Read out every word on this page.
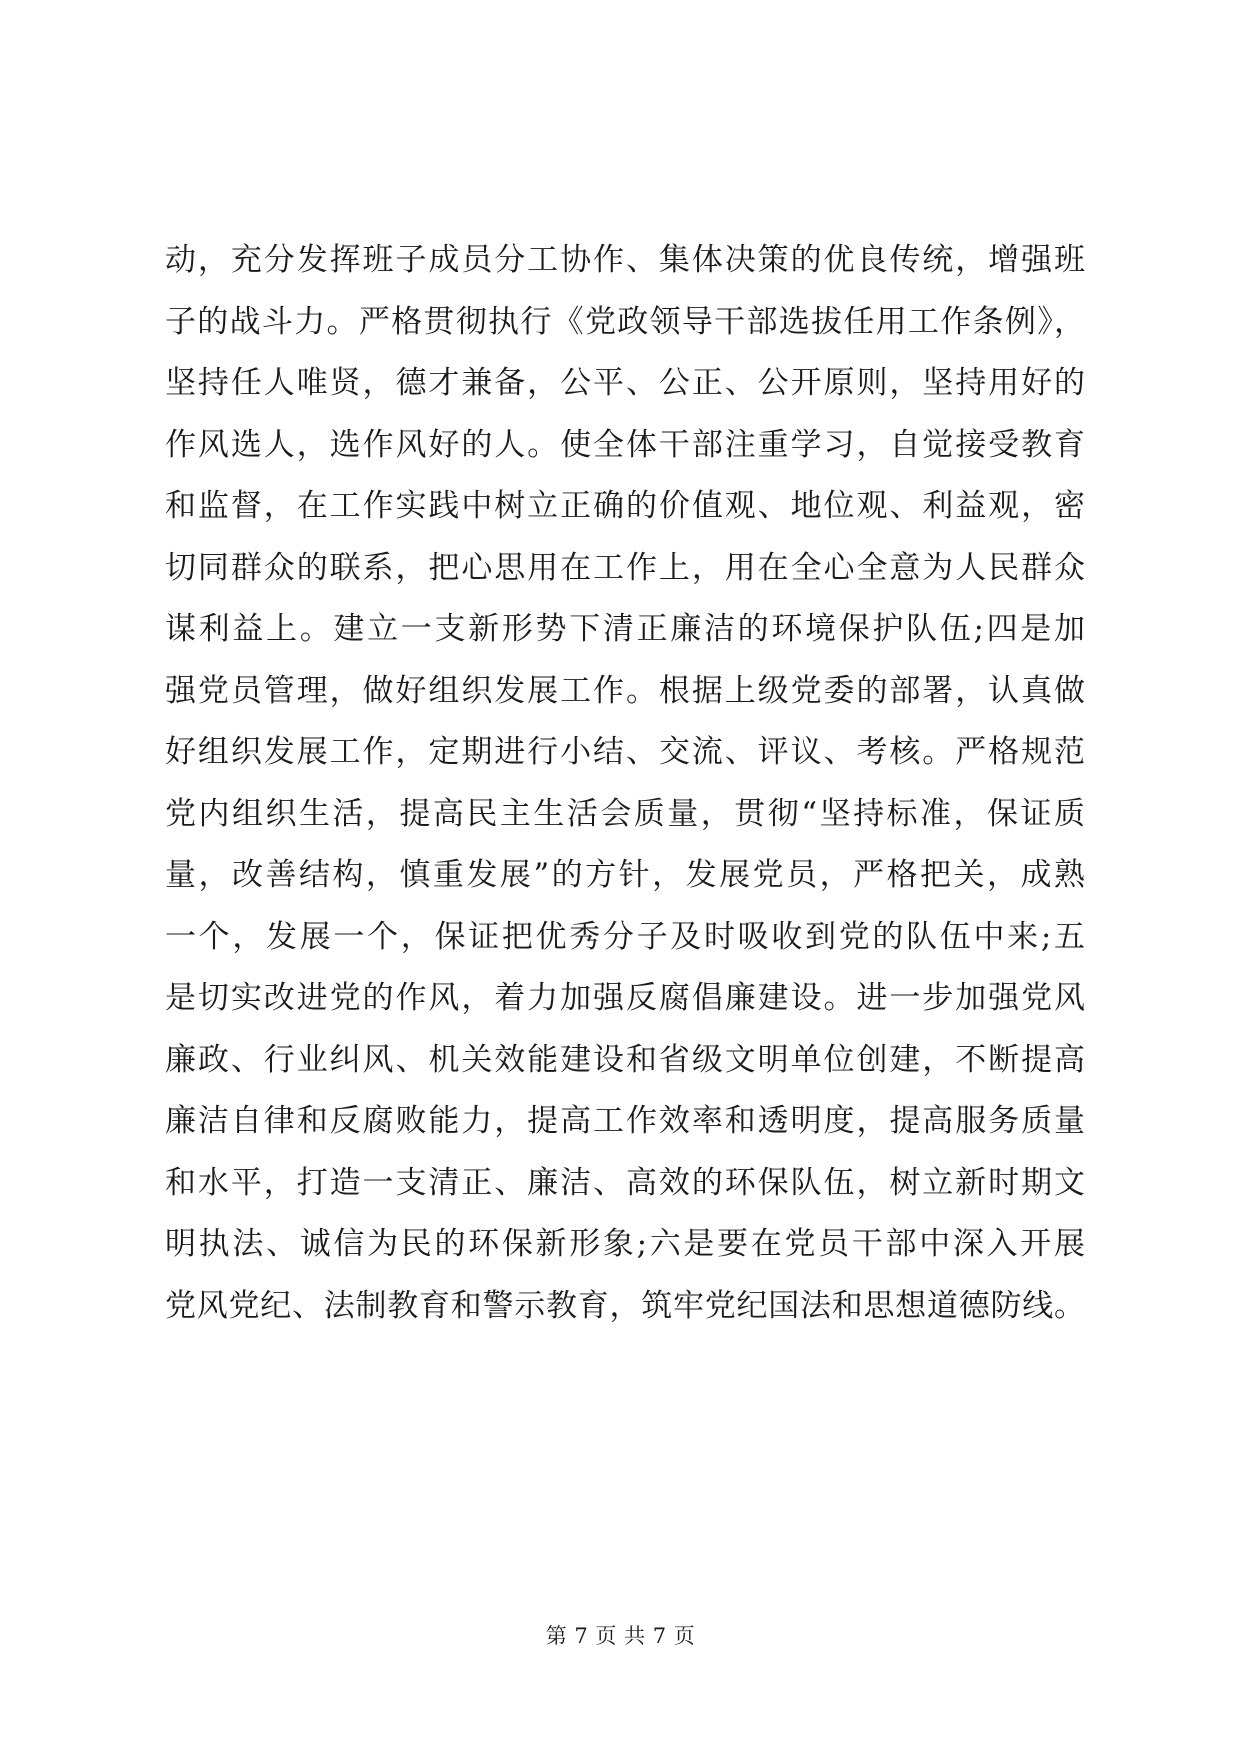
动，充分发挥班子成员分工协作、集体决策的优良传统，增强班
子的战斗力。严格贯彻执行《党政领导干部选拔任用工作条例》，
坚持任人唯贤，德才兼备，公平、公正、公开原则，坚持用好的
作风选人，选作风好的人。使全体干部注重学习，自觉接受教育
和监督，在工作实践中树立正确的价值观、地位观、利益观，密
切同群众的联系，把心思用在工作上，用在全心全意为人民群众
谋利益上。建立一支新形势下清正廉洁的环境保护队伍;四是加
强党员管理，做好组织发展工作。根据上级党委的部署，认真做
好组织发展工作，定期进行小结、交流、评议、考核。严格规范
党内组织生活，提高民主生活会质量，贯彻“坚持标准，保证质
量，改善结构，慎重发展”的方针，发展党员，严格把关，成熟
一个，发展一个，保证把优秀分子及时吸收到党的队伍中来;五
是切实改进党的作风，着力加强反腐倡廉建设。进一步加强党风
廉政、行业纠风、机关效能建设和省级文明单位创建，不断提高
廉洁自律和反腐败能力，提高工作效率和透明度，提高服务质量
和水平，打造一支清正、廉洁、高效的环保队伍，树立新时期文
明执法、诚信为民的环保新形象;六是要在党员干部中深入开展
党风党纪、法制教育和警示教育，筑牢党纪国法和思想道德防线。
第 7 页 共 7 页
